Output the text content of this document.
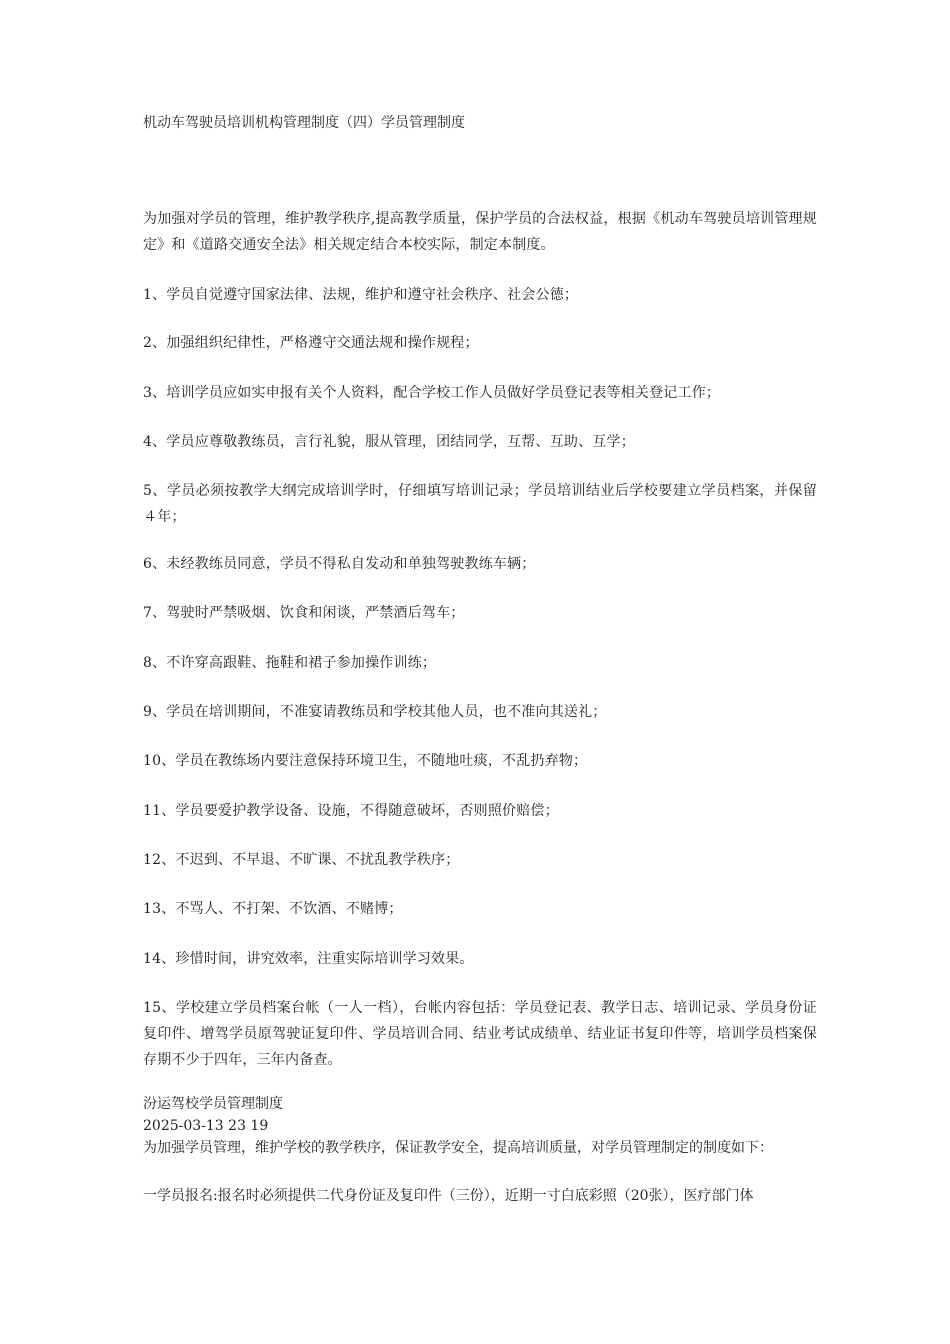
机动车驾驶员培训机构管理制度（四）学员管理制度
为加强对学员的管理，维护教学秩序,提高教学质量，保护学员的合法权益，根据《机动车驾驶员培训管理规定》和《道路交通安全法》相关规定结合本校实际，制定本制度。
1、学员自觉遵守国家法律、法规，维护和遵守社会秩序、社会公德；
2、加强组织纪律性，严格遵守交通法规和操作规程；
3、培训学员应如实申报有关个人资料，配合学校工作人员做好学员登记表等相关登记工作；
4、学员应尊敬教练员，言行礼貌，服从管理，团结同学，互帮、互助、互学；
5、学员必须按教学大纲完成培训学时，仔细填写培训记录；学员培训结业后学校要建立学员档案，并保留４年；
6、未经教练员同意，学员不得私自发动和单独驾驶教练车辆；
7、驾驶时严禁吸烟、饮食和闲谈，严禁酒后驾车；
8、不许穿高跟鞋、拖鞋和裙子参加操作训练；
9、学员在培训期间，不准宴请教练员和学校其他人员，也不准向其送礼；
10、学员在教练场内要注意保持环境卫生，不随地吐痰，不乱扔弃物；
11、学员要爱护教学设备、设施，不得随意破坏，否则照价赔偿；
12、不迟到、不早退、不旷课、不扰乱教学秩序；
13、不骂人、不打架、不饮酒、不赌博；
14、珍惜时间，讲究效率，注重实际培训学习效果。
15、学校建立学员档案台帐（一人一档），台帐内容包括：学员登记表、教学日志、培训记录、学员身份证复印件、增驾学员原驾驶证复印件、学员培训合同、结业考试成绩单、结业证书复印件等，培训学员档案保存期不少于四年，三年内备查。
汾运驾校学员管理制度
2025-03-13 23 19
为加强学员管理，维护学校的教学秩序，保证教学安全，提高培训质量，对学员管理制定的制度如下：
一学员报名:报名时必须提供二代身份证及复印件（三份），近期一寸白底彩照（20张），医疗部门体
